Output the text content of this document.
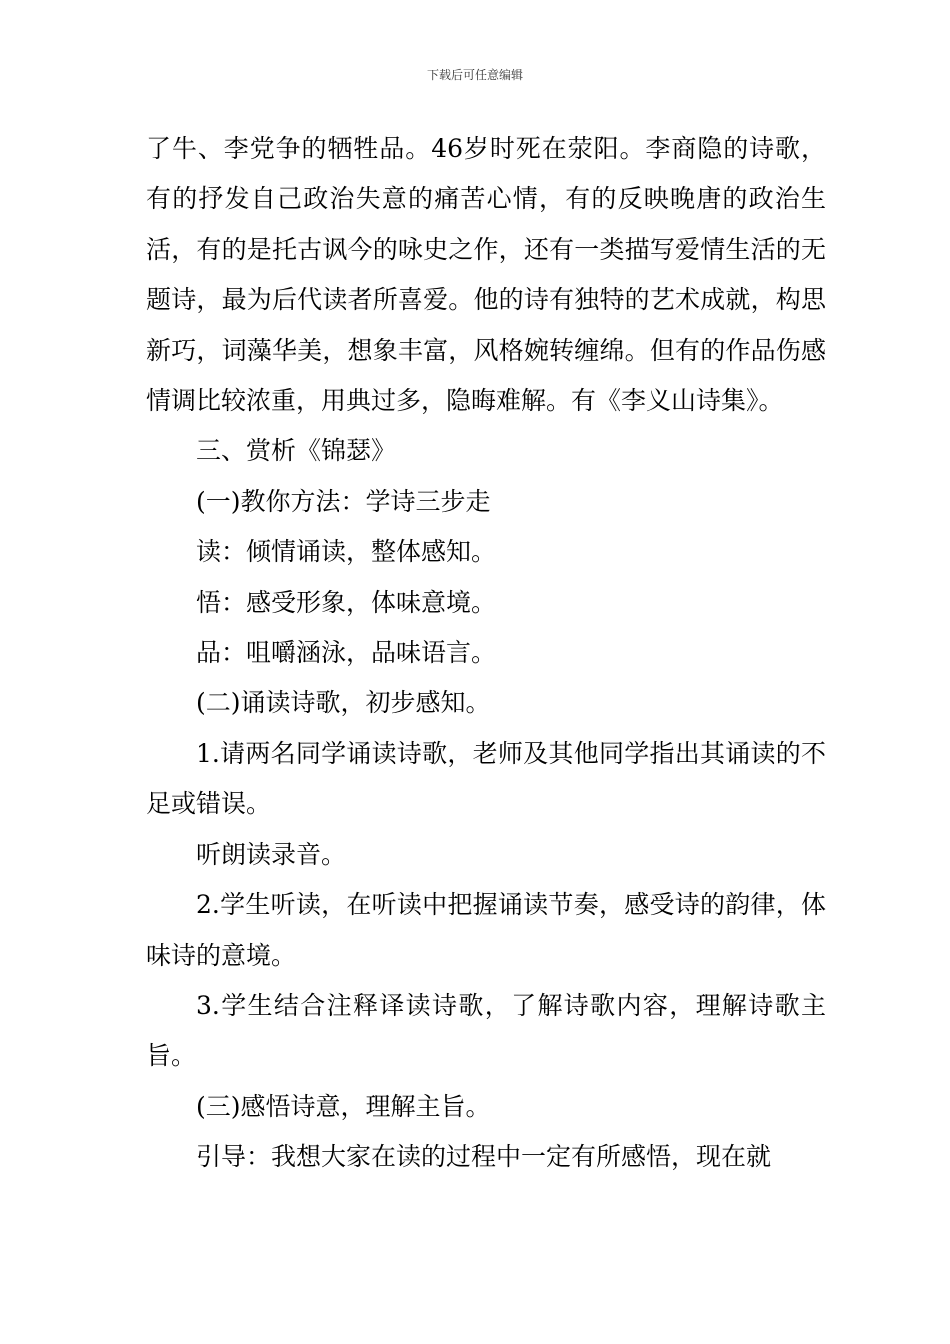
下载后可任意编辑

了牛、李党争的牺牲品。46岁时死在荥阳。李商隐的诗歌，有的抒发自己政治失意的痛苦心情，有的反映晚唐的政治生活，有的是托古讽今的咏史之作，还有一类描写爱情生活的无题诗，最为后代读者所喜爱。他的诗有独特的艺术成就，构思新巧，词藻华美，想象丰富，风格婉转缠绵。但有的作品伤感情调比较浓重，用典过多，隐晦难解。有《李义山诗集》。

三、赏析《锦瑟》

(一)教你方法：学诗三步走

读：倾情诵读，整体感知。

悟：感受形象，体味意境。

品：咀嚼涵泳，品味语言。

(二)诵读诗歌，初步感知。

1.请两名同学诵读诗歌，老师及其他同学指出其诵读的不足或错误。

听朗读录音。

2.学生听读，在听读中把握诵读节奏，感受诗的韵律，体味诗的意境。

3.学生结合注释译读诗歌，了解诗歌内容，理解诗歌主旨。

(三)感悟诗意，理解主旨。

引导：我想大家在读的过程中一定有所感悟，现在就
